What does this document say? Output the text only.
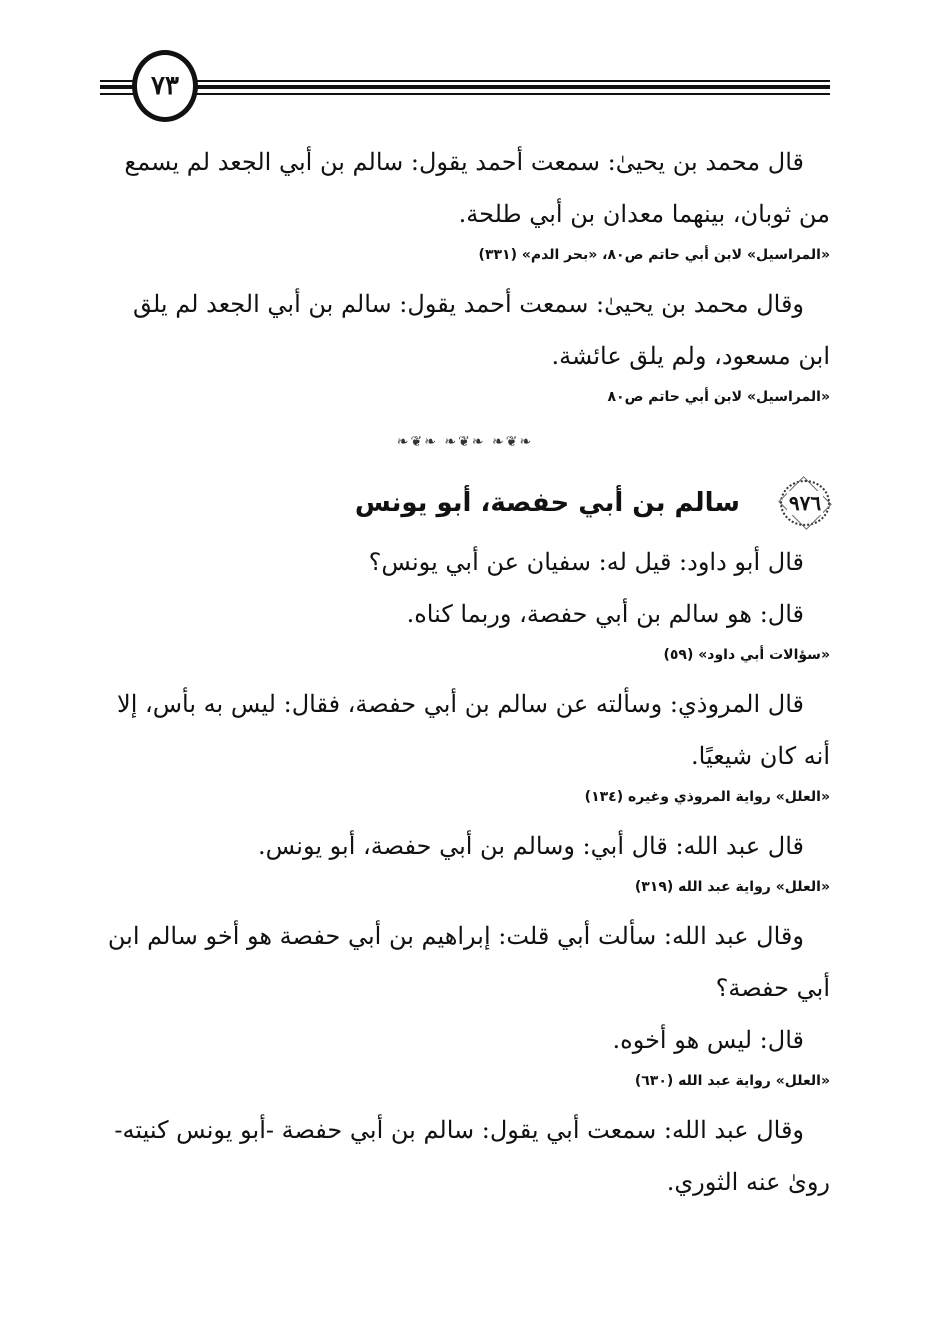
٧٣

قال محمد بن يحيىٰ: سمعت أحمد يقول: سالم بن أبي الجعد لم يسمع من ثوبان، بينهما معدان بن أبي طلحة.

«المراسيل» لابن أبي حاتم ص٨٠، «بحر الدم» (٣٣١)

وقال محمد بن يحيىٰ: سمعت أحمد يقول: سالم بن أبي الجعد لم يلق ابن مسعود، ولم يلق عائشة.

«المراسيل» لابن أبي حاتم ص٨٠
❧❦❧ ❧❦❧ ❧❦❧
٩٧٦
سالم بن أبي حفصة، أبو يونس

قال أبو داود: قيل له: سفيان عن أبي يونس؟

قال: هو سالم بن أبي حفصة، وربما كناه.

«سؤالات أبي داود» (٥٩)

قال المروذي: وسألته عن سالم بن أبي حفصة، فقال: ليس به بأس، إلا أنه كان شيعيًا.

«العلل» رواية المروذي وغيره (١٣٤)

قال عبد الله: قال أبي: وسالم بن أبي حفصة، أبو يونس.

«العلل» رواية عبد الله (٣١٩)

وقال عبد الله: سألت أبي قلت: إبراهيم بن أبي حفصة هو أخو سالم ابن أبي حفصة؟

قال: ليس هو أخوه.

«العلل» رواية عبد الله (٦٣٠)

وقال عبد الله: سمعت أبي يقول: سالم بن أبي حفصة -أبو يونس كنيته- روىٰ عنه الثوري.
